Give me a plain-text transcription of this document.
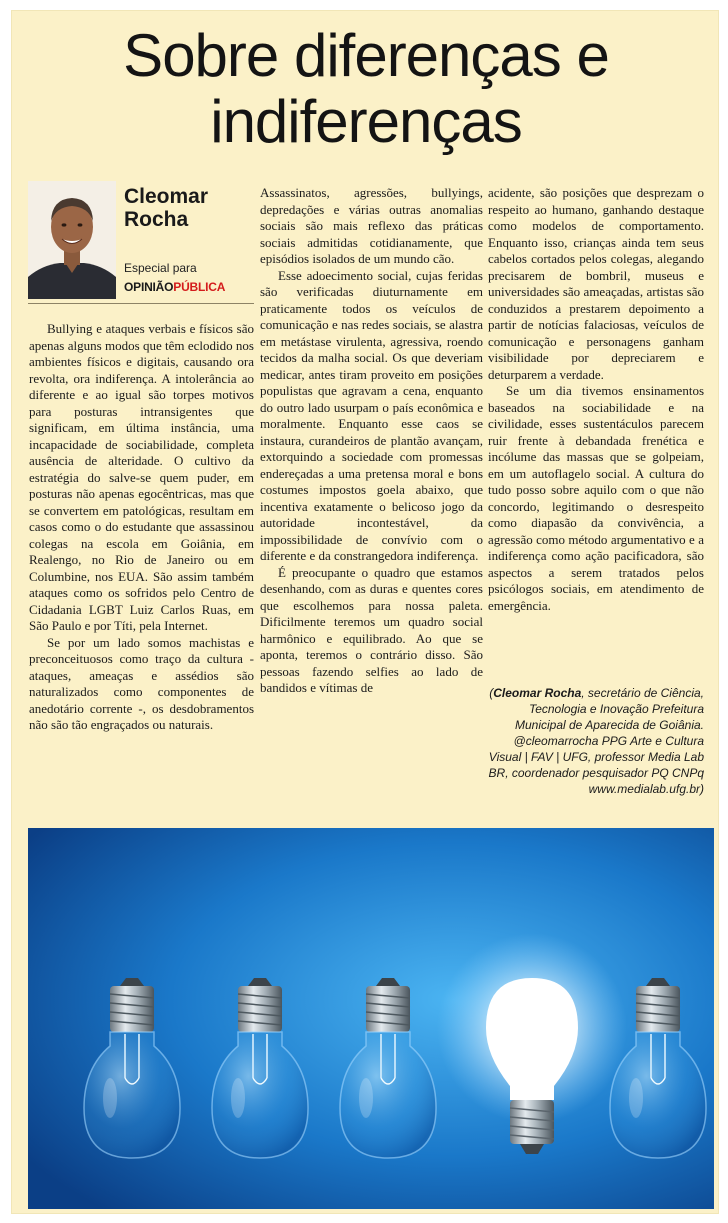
Sobre diferenças e
indiferenças
Cleomar Rocha
Especial para
OPINIÃOPÚBLICA

Bullying e ataques verbais e físicos são apenas alguns modos que têm eclodido nos ambientes físicos e digitais, causando ora revolta, ora indiferença. A intolerância ao diferente e ao igual são torpes motivos para posturas intransigentes que significam, em última instância, uma incapacidade de sociabilidade, completa ausência de alteridade. O cultivo da estratégia do salve-se quem puder, em posturas não apenas egocêntricas, mas que se convertem em patológicas, resultam em casos como o do estudante que assassinou colegas na escola em Goiânia, em Realengo, no Rio de Janeiro ou em Columbine, nos EUA. São assim também ataques como os sofridos pelo Centro de Cidadania LGBT Luiz Carlos Ruas, em São Paulo e por Títi, pela Internet.

Se por um lado somos machistas e preconceituosos como traço da cultura - ataques, ameaças e assédios são naturalizados como componentes de anedotário corrente -, os desdobramentos não são tão engraçados ou naturais.

Assassinatos, agressões, bullyings, depredações e várias outras anomalias sociais são mais reflexo das práticas sociais admitidas cotidianamente, que episódios isolados de um mundo cão.

Esse adoecimento social, cujas feridas são verificadas diuturnamente em praticamente todos os veículos de comunicação e nas redes sociais, se alastra em metástase virulenta, agressiva, roendo tecidos da malha social. Os que deveriam medicar, antes tiram proveito em posições populistas que agravam a cena, enquanto do outro lado usurpam o país econômica e moralmente. Enquanto esse caos se instaura, curandeiros de plantão avançam, extorquindo a sociedade com promessas endereçadas a uma pretensa moral e bons costumes impostos goela abaixo, que incentiva exatamente o belicoso jogo da autoridade incontestável, da impossibilidade de convívio com o diferente e da constrangedora indiferença.

É preocupante o quadro que estamos desenhando, com as duras e quentes cores que escolhemos para nossa paleta. Dificilmente teremos um quadro social harmônico e equilibrado. Ao que se aponta, teremos o contrário disso. São pessoas fazendo selfies ao lado de bandidos e vítimas de

acidente, são posições que desprezam o respeito ao humano, ganhando destaque como modelos de comportamento. Enquanto isso, crianças ainda tem seus cabelos cortados pelos colegas, alegando precisarem de bombril, museus e universidades são ameaçadas, artistas são conduzidos a prestarem depoimento a partir de notícias falaciosas, veículos de comunicação e personagens ganham visibilidade por depreciarem e deturparem a verdade.

Se um dia tivemos ensinamentos baseados na sociabilidade e na civilidade, esses sustentáculos parecem ruir frente à debandada frenética e incólume das massas que se golpeiam, em um autoflagelo social. A cultura do tudo posso sobre aquilo com o que não concordo, legitimando o desrespeito como diapasão da convivência, a agressão como método argumentativo e a indiferença como ação pacificadora, são aspectos a serem tratados pelos psicólogos sociais, em atendimento de emergência.

(Cleomar Rocha, secretário de Ciência, Tecnologia e Inovação Prefeitura Municipal de Aparecida de Goiânia. @cleomarrocha PPG Arte e Cultura Visual | FAV | UFG, professor Media Lab BR, coordenador pesquisador PQ CNPq www.medialab.ufg.br)
